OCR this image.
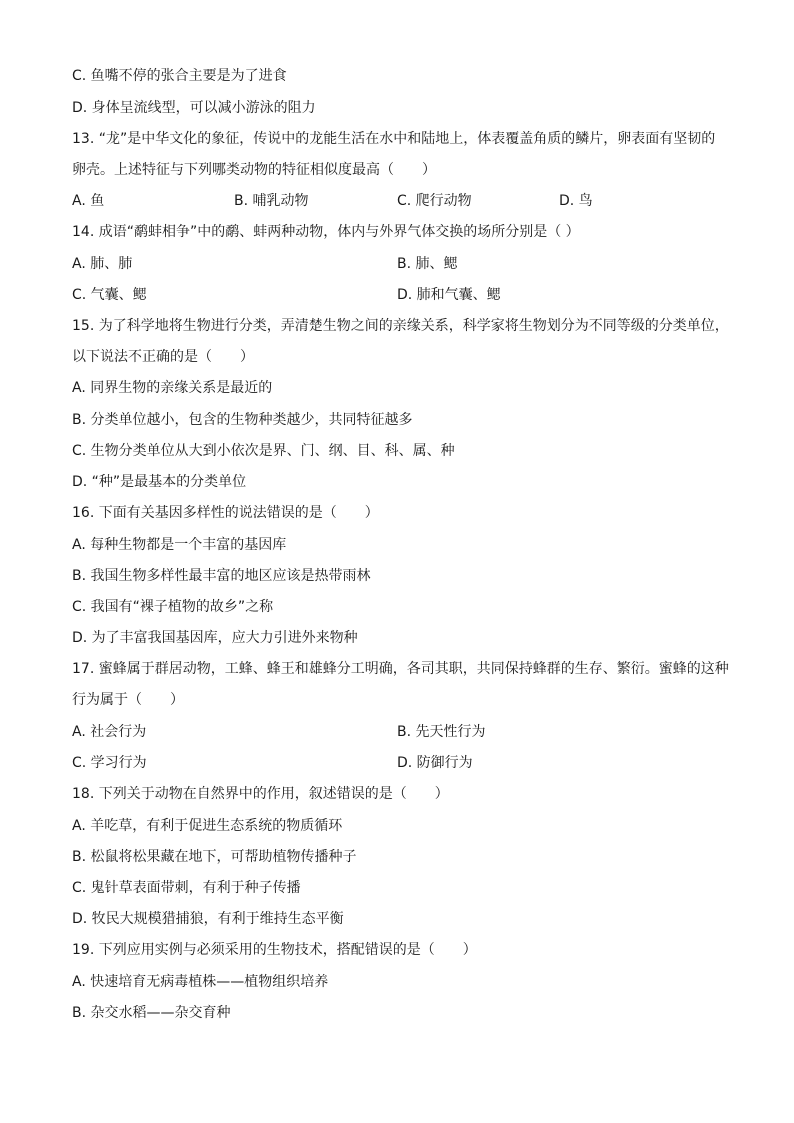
C. 鱼嘴不停的张合主要是为了进食
D. 身体呈流线型，可以减小游泳的阻力
13. “龙”是中华文化的象征，传说中的龙能生活在水中和陆地上，体表覆盖角质的鳞片，卵表面有坚韧的
卵壳。上述特征与下列哪类动物的特征相似度最高（　　）
A. 鱼	B. 哺乳动物	C. 爬行动物	D. 鸟
14. 成语“鹬蚌相争”中的鹬、蚌两种动物，体内与外界气体交换的场所分别是（ ）
A. 肺、肺	B. 肺、鳃
C. 气囊、鳃	D. 肺和气囊、鳃
15. 为了科学地将生物进行分类，弄清楚生物之间的亲缘关系，科学家将生物划分为不同等级的分类单位，
以下说法不正确的是（　　）
A. 同界生物的亲缘关系是最近的
B. 分类单位越小，包含的生物种类越少，共同特征越多
C. 生物分类单位从大到小依次是界、门、纲、目、科、属、种
D. “种”是最基本的分类单位
16. 下面有关基因多样性的说法错误的是（　　）
A. 每种生物都是一个丰富的基因库
B. 我国生物多样性最丰富的地区应该是热带雨林
C. 我国有“裸子植物的故乡”之称
D. 为了丰富我国基因库，应大力引进外来物种
17. 蜜蜂属于群居动物，工蜂、蜂王和雄蜂分工明确，各司其职，共同保持蜂群的生存、繁衍。蜜蜂的这种
行为属于（　　）
A. 社会行为	B. 先天性行为
C. 学习行为	D. 防御行为
18. 下列关于动物在自然界中的作用，叙述错误的是（　　）
A. 羊吃草，有利于促进生态系统的物质循环
B. 松鼠将松果藏在地下，可帮助植物传播种子
C. 鬼针草表面带刺，有利于种子传播
D. 牧民大规模猎捕狼，有利于维持生态平衡
19. 下列应用实例与必须采用的生物技术，搭配错误的是（　　）
A. 快速培育无病毒植株——植物组织培养
B. 杂交水稻——杂交育种
